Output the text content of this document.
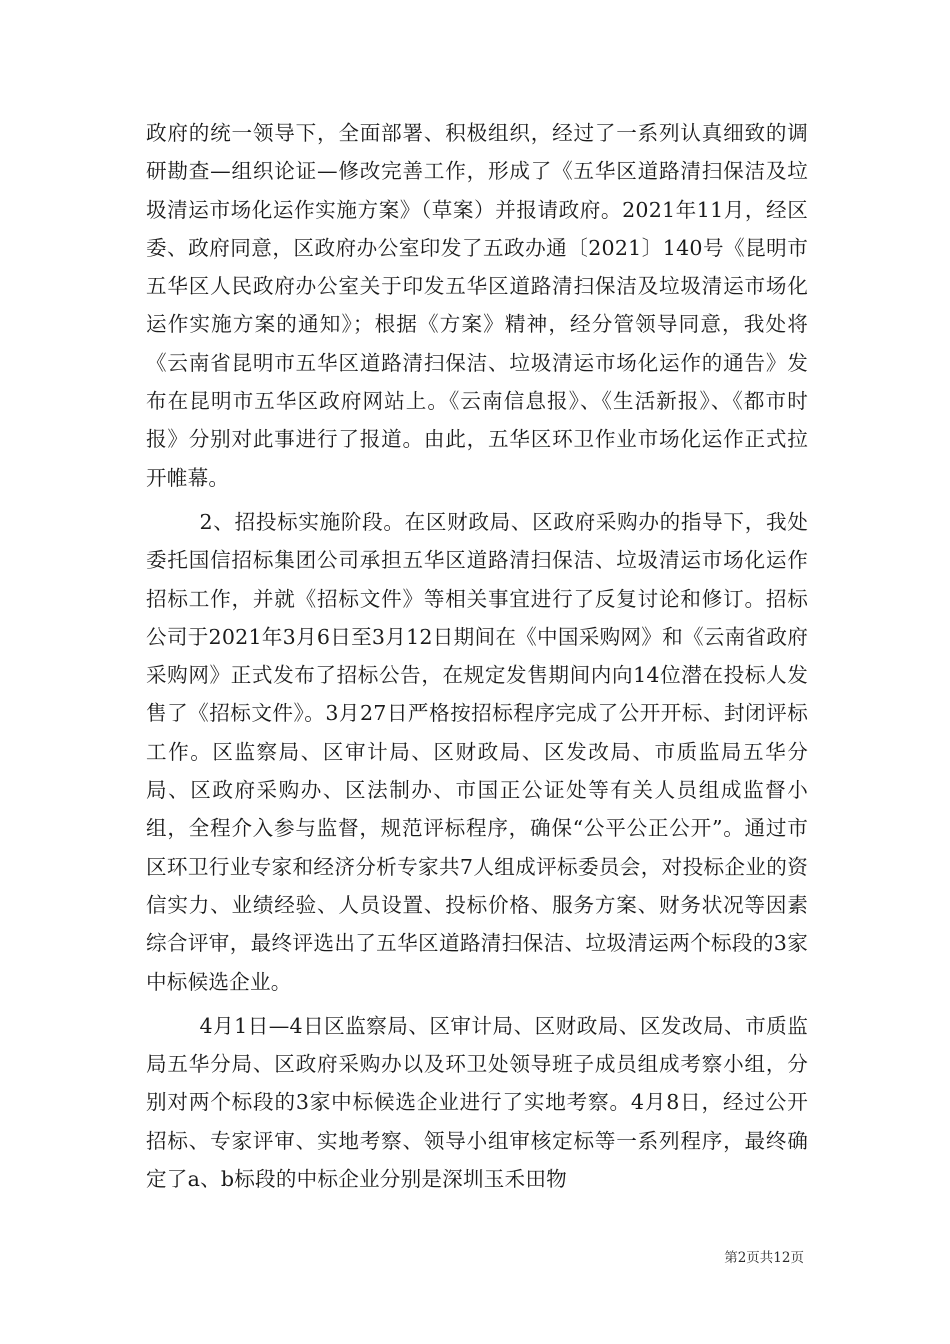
政府的统一领导下，全面部署、积极组织，经过了一系列认真细致的调研勘查—组织论证—修改完善工作，形成了《五华区道路清扫保洁及垃圾清运市场化运作实施方案》（草案）并报请政府。2021年11月，经区委、政府同意，区政府办公室印发了五政办通〔2021〕140号《昆明市五华区人民政府办公室关于印发五华区道路清扫保洁及垃圾清运市场化运作实施方案的通知》；根据《方案》精神，经分管领导同意，我处将《云南省昆明市五华区道路清扫保洁、垃圾清运市场化运作的通告》发布在昆明市五华区政府网站上。《云南信息报》、《生活新报》、《都市时报》分别对此事进行了报道。由此，五华区环卫作业市场化运作正式拉开帷幕。

2、招投标实施阶段。在区财政局、区政府采购办的指导下，我处委托国信招标集团公司承担五华区道路清扫保洁、垃圾清运市场化运作招标工作，并就《招标文件》等相关事宜进行了反复讨论和修订。招标公司于2021年3月6日至3月12日期间在《中国采购网》和《云南省政府采购网》正式发布了招标公告，在规定发售期间内向14位潜在投标人发售了《招标文件》。3月27日严格按招标程序完成了公开开标、封闭评标工作。区监察局、区审计局、区财政局、区发改局、市质监局五华分局、区政府采购办、区法制办、市国正公证处等有关人员组成监督小组，全程介入参与监督，规范评标程序，确保“公平公正公开”。通过市区环卫行业专家和经济分析专家共7人组成评标委员会，对投标企业的资信实力、业绩经验、人员设置、投标价格、服务方案、财务状况等因素综合评审，最终评选出了五华区道路清扫保洁、垃圾清运两个标段的3家中标候选企业。

4月1日—4日区监察局、区审计局、区财政局、区发改局、市质监局五华分局、区政府采购办以及环卫处领导班子成员组成考察小组，分别对两个标段的3家中标候选企业进行了实地考察。4月8日，经过公开招标、专家评审、实地考察、领导小组审核定标等一系列程序，最终确定了a、b标段的中标企业分别是深圳玉禾田物

第2页共12页
